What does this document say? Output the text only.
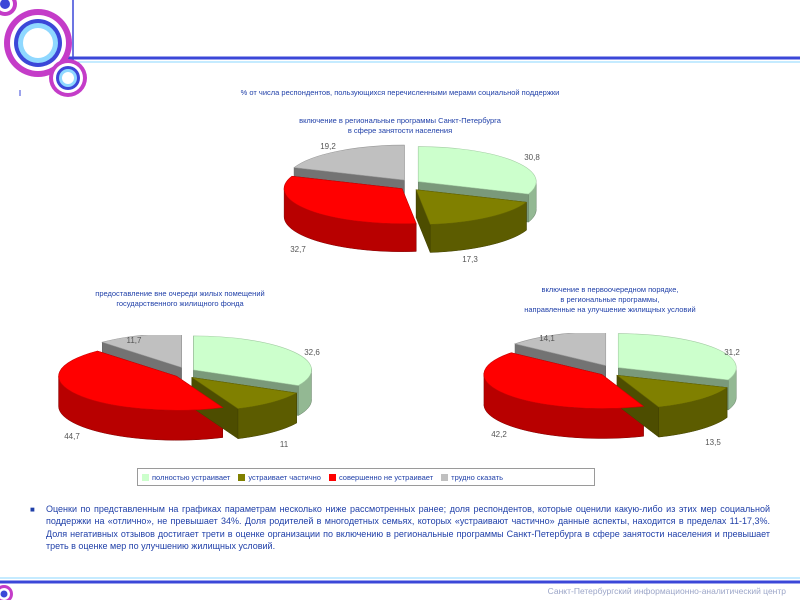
% от числа респондентов, пользующихся перечисленными мерами социальной поддержки
включение в региональные программы Санкт-Петербурга
в сфере занятости населения
30,8
17,3
32,7
19,2
предоставление вне очереди жилых помещений
государственного жилищного фонда
32,6
11
44,7
11,7
включение в первоочередном порядке,
в региональные программы,
направленные на улучшение жилищных условий
31,2
13,5
42,2
14,1
полностью устраивает устраивает частично совершенно не устраивает трудно сказать
■ Оценки по представленным на графиках параметрам несколько ниже рассмотренных ранее; доля респондентов, которые оценили какую-либо из этих мер социальной поддержки на «отлично», не превышает 34%. Доля родителей в многодетных семьях, которых «устраивают частично» данные аспекты, находится в пределах 11-17,3%. Доля негативных отзывов достигает трети в оценке организации по включению в региональные программы Санкт-Петербурга в сфере занятости населения и превышает треть в оценке мер по улучшению жилищных условий.

Санкт-Петербургский информационно-аналитический центр
